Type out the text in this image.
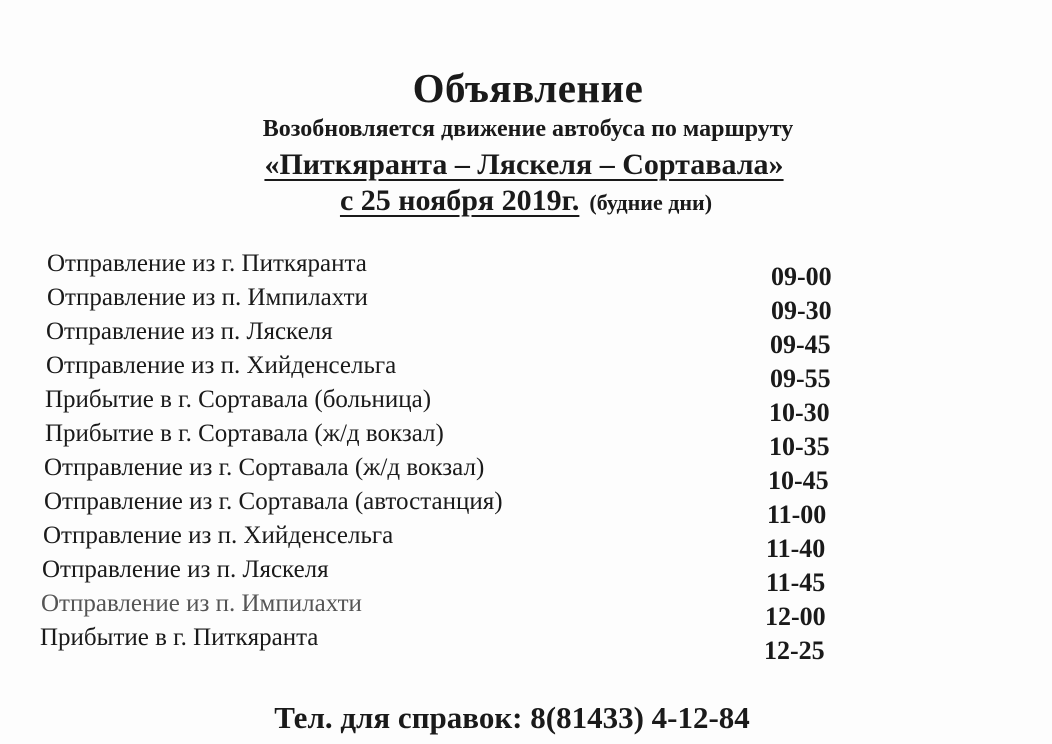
Объявление
Возобновляется движение автобуса по маршруту
«Питкяранта – Ляскеля – Сортавала»
с 25 ноября 2019г. (будние дни)
Отправление из г. Питкяранта	09-00
Отправление из п. Импилахти	09-30
Отправление из п. Ляскеля	09-45
Отправление из п. Хийденсельга	09-55
Прибытие в г. Сортавала (больница)	10-30
Прибытие в г. Сортавала (ж/д вокзал)	10-35
Отправление из г. Сортавала (ж/д вокзал)	10-45
Отправление из г. Сортавала (автостанция)	11-00
Отправление из п. Хийденсельга	11-40
Отправление из п. Ляскеля	11-45
Отправление из п. Импилахти	12-00
Прибытие в г. Питкяранта	12-25
Тел. для справок: 8(81433) 4-12-84
